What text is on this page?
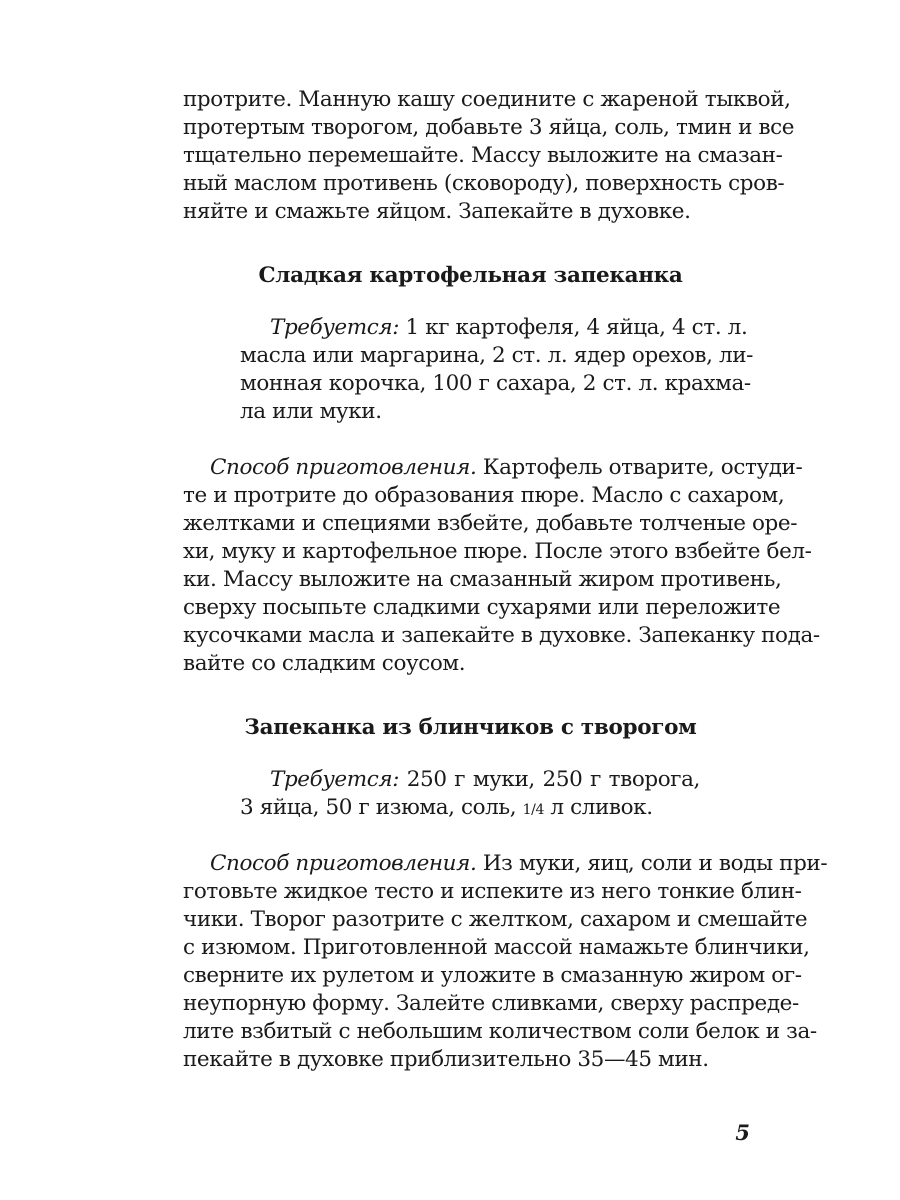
протрите. Манную кашу соедините с жареной тыквой,
протертым творогом, добавьте 3 яйца, соль, тмин и все
тщательно перемешайте. Массу выложите на смазан-
ный маслом противень (сковороду), поверхность сров-
няйте и смажьте яйцом. Запекайте в духовке.
Сладкая картофельная запеканка
Требуется: 1 кг картофеля, 4 яйца, 4 ст. л.
масла или маргарина, 2 ст. л. ядер орехов, ли-
монная корочка, 100 г сахара, 2 ст. л. крахма-
ла или муки.
Способ приготовления. Картофель отварите, остуди-
те и протрите до образования пюре. Масло с сахаром,
желтками и специями взбейте, добавьте толченые оре-
хи, муку и картофельное пюре. После этого взбейте бел-
ки. Массу выложите на смазанный жиром противень,
сверху посыпьте сладкими сухарями или переложите
кусочками масла и запекайте в духовке. Запеканку пода-
вайте со сладким соусом.
Запеканка из блинчиков с творогом
Требуется: 250 г муки, 250 г творога,
3 яйца, 50 г изюма, соль, 1/4 л сливок.
Способ приготовления. Из муки, яиц, соли и воды при-
готовьте жидкое тесто и испеките из него тонкие блин-
чики. Творог разотрите с желтком, сахаром и смешайте
с изюмом. Приготовленной массой намажьте блинчики,
сверните их рулетом и уложите в смазанную жиром ог-
неупорную форму. Залейте сливками, сверху распреде-
лите взбитый с небольшим количеством соли белок и за-
пекайте в духовке приблизительно 35—45 мин.
5
